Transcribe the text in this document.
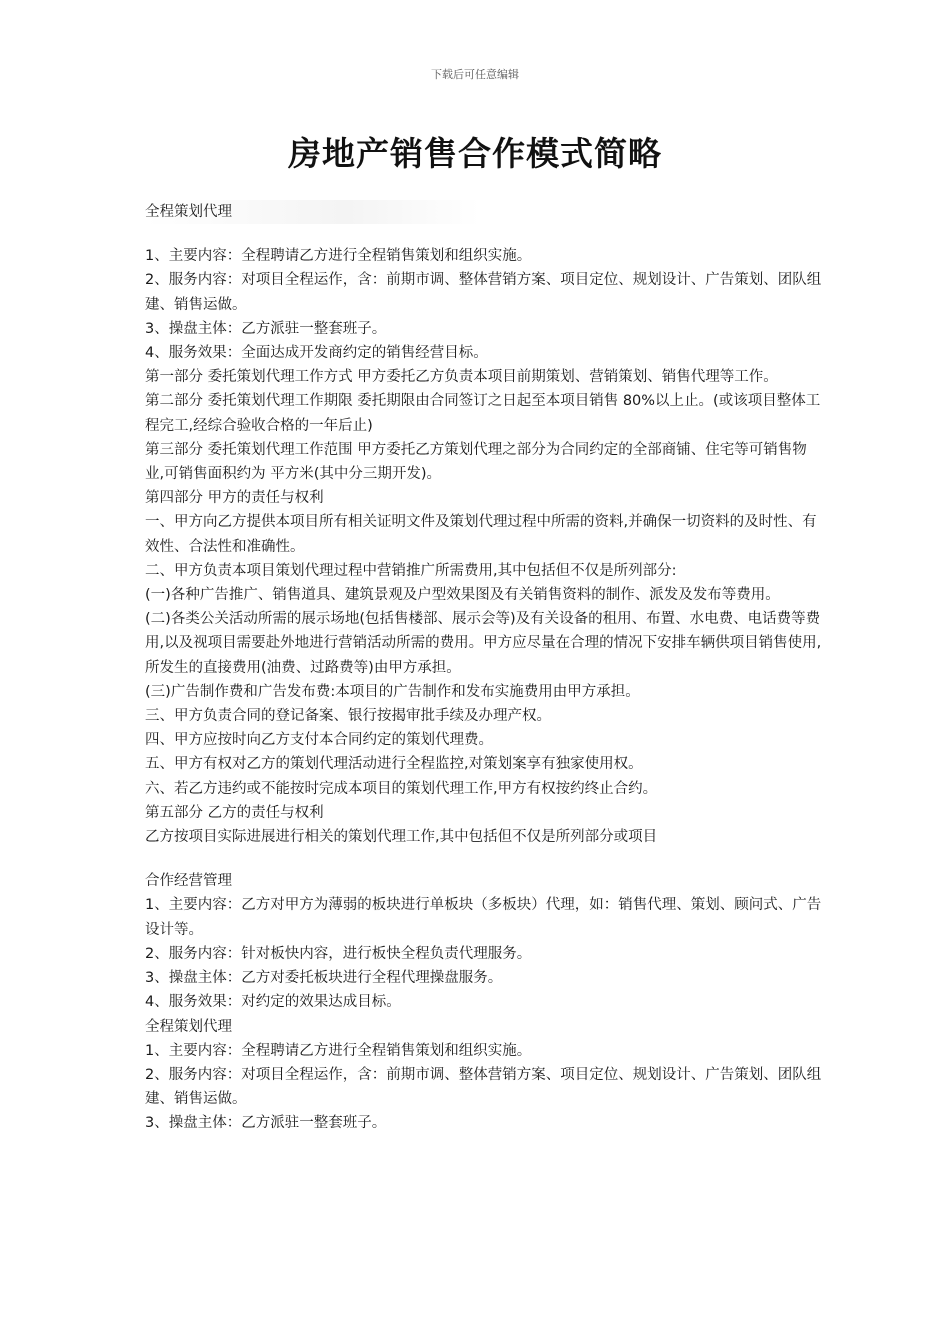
下载后可任意编辑
房地产销售合作模式简略

全程策划代理

1、主要内容：全程聘请乙方进行全程销售策划和组织实施。

2、服务内容：对项目全程运作，含：前期市调、整体营销方案、项目定位、规划设计、广告策划、团队组建、销售运做。

3、操盘主体：乙方派驻一整套班子。

4、服务效果：全面达成开发商约定的销售经营目标。

第一部分 委托策划代理工作方式 甲方委托乙方负责本项目前期策划、营销策划、销售代理等工作。

第二部分 委托策划代理工作期限 委托期限由合同签订之日起至本项目销售 80%以上止。(或该项目整体工程完工,经综合验收合格的一年后止)

第三部分 委托策划代理工作范围 甲方委托乙方策划代理之部分为合同约定的全部商铺、住宅等可销售物业,可销售面积约为 平方米(其中分三期开发)。

第四部分 甲方的责任与权利

一、甲方向乙方提供本项目所有相关证明文件及策划代理过程中所需的资料,并确保一切资料的及时性、有效性、合法性和准确性。

二、甲方负责本项目策划代理过程中营销推广所需费用,其中包括但不仅是所列部分:

(一)各种广告推广、销售道具、建筑景观及户型效果图及有关销售资料的制作、派发及发布等费用。

(二)各类公关活动所需的展示场地(包括售楼部、展示会等)及有关设备的租用、布置、水电费、电话费等费用,以及视项目需要赴外地进行营销活动所需的费用。甲方应尽量在合理的情况下安排车辆供项目销售使用,所发生的直接费用(油费、过路费等)由甲方承担。

(三)广告制作费和广告发布费:本项目的广告制作和发布实施费用由甲方承担。

三、甲方负责合同的登记备案、银行按揭审批手续及办理产权。

四、甲方应按时向乙方支付本合同约定的策划代理费。

五、甲方有权对乙方的策划代理活动进行全程监控,对策划案享有独家使用权。

六、若乙方违约或不能按时完成本项目的策划代理工作,甲方有权按约终止合约。

第五部分 乙方的责任与权利

乙方按项目实际进展进行相关的策划代理工作,其中包括但不仅是所列部分或项目

合作经营管理

1、主要内容：乙方对甲方为薄弱的板块进行单板块（多板块）代理，如：销售代理、策划、顾问式、广告设计等。

2、服务内容：针对板快内容，进行板快全程负责代理服务。

3、操盘主体：乙方对委托板块进行全程代理操盘服务。

4、服务效果：对约定的效果达成目标。

全程策划代理

1、主要内容：全程聘请乙方进行全程销售策划和组织实施。

2、服务内容：对项目全程运作，含：前期市调、整体营销方案、项目定位、规划设计、广告策划、团队组建、销售运做。

3、操盘主体：乙方派驻一整套班子。
